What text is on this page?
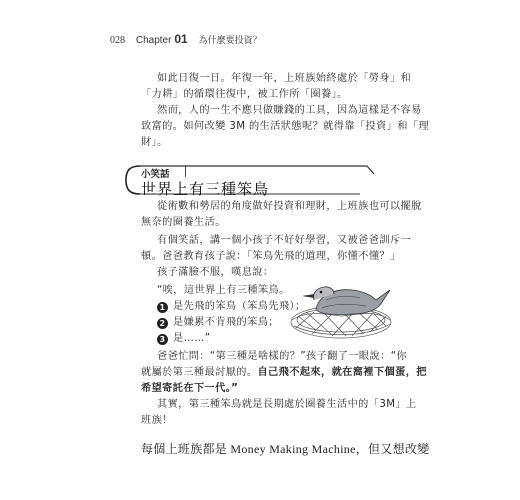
028 Chapter 01 為什麼要投資？
如此日復一日。年復一年，上班族始終處於「勞身」和
「力耕」的循環往復中，被工作所「圈養」。
然而，人的一生不應只做賺錢的工具，因為這樣是不容易
致富的。如何改變 3M 的生活狀態呢？就得靠「投資」和「理
財」。
小笑話
世界上有三種笨鳥
從術數和勢居的角度做好投資和理財，上班族也可以擺脫
無奈的圈養生活。
有個笑話，講一個小孩子不好好學習，又被爸爸訓斥一
頓。爸爸教育孩子說：「笨鳥先飛的道理，你懂不懂？」
孩子滿臉不服，嘆息說：
“唉，這世界上有三種笨鳥。
1 是先飛的笨鳥（笨鳥先飛）；
2 是嫌累不肯飛的笨鳥；
3 是……”
爸爸忙問：“第三種是啥樣的？”孩子翻了一眼說：“你
就屬於第三種最討厭的。自己飛不起來，就在窩裡下個蛋，把
希望寄託在下一代。”
其實，第三種笨鳥就是長期處於圈養生活中的「3M」上
班族！
每個上班族都是 Money Making Machine，但又想改變
